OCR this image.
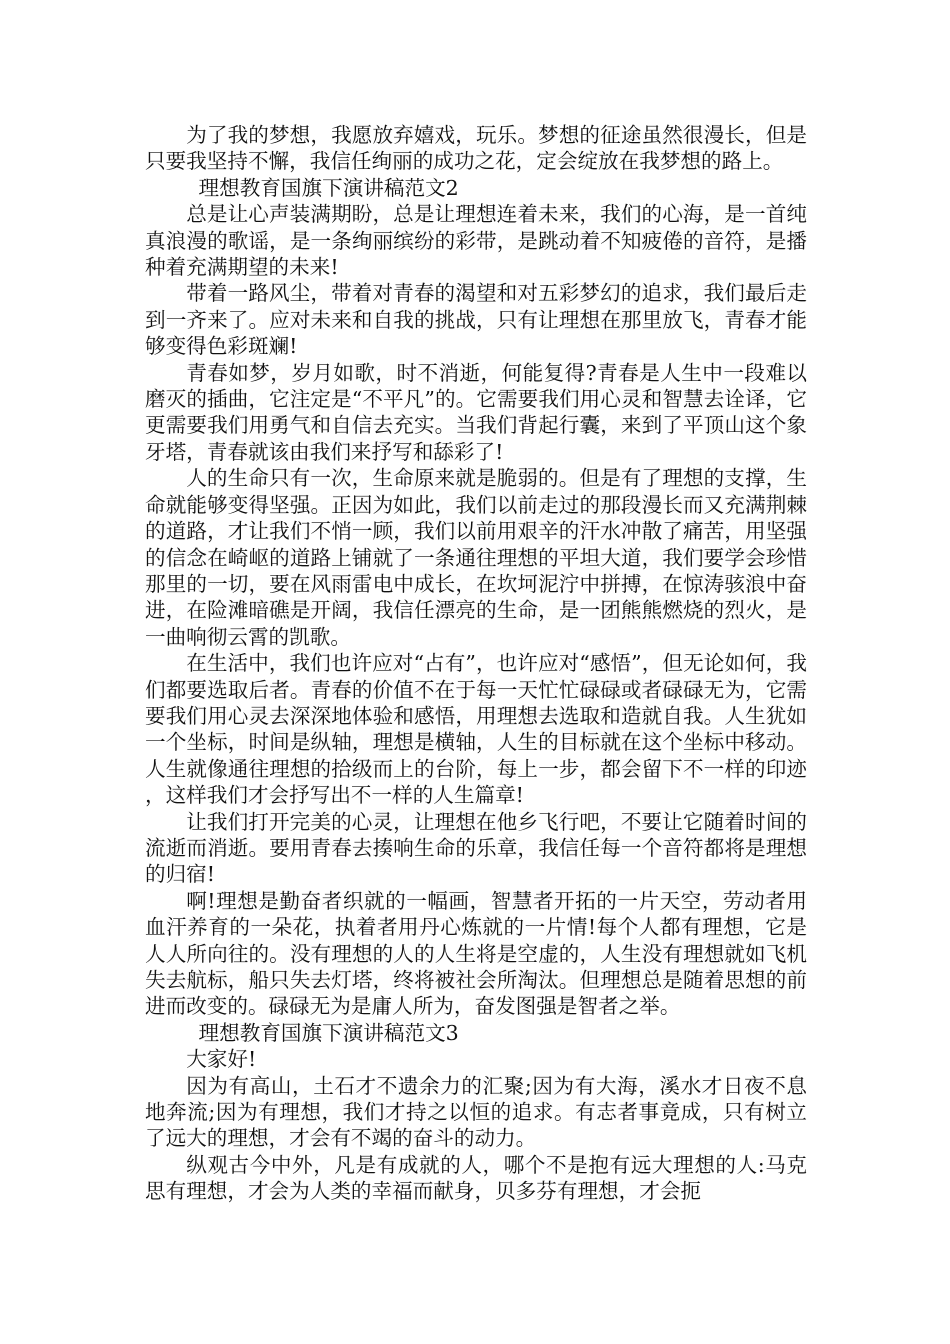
为了我的梦想，我愿放弃嬉戏，玩乐。梦想的征途虽然很漫长，但是只要我坚持不懈，我信任绚丽的成功之花，定会绽放在我梦想的路上。

理想教育国旗下演讲稿范文2

总是让心声装满期盼，总是让理想连着未来，我们的心海，是一首纯真浪漫的歌谣，是一条绚丽缤纷的彩带，是跳动着不知疲倦的音符，是播种着充满期望的未来!

带着一路风尘，带着对青春的渴望和对五彩梦幻的追求，我们最后走到一齐来了。应对未来和自我的挑战，只有让理想在那里放飞，青春才能够变得色彩斑斓!

青春如梦，岁月如歌，时不消逝，何能复得?青春是人生中一段难以磨灭的插曲，它注定是“不平凡”的。它需要我们用心灵和智慧去诠译，它更需要我们用勇气和自信去充实。当我们背起行囊，来到了平顶山这个象牙塔，青春就该由我们来抒写和舔彩了!

人的生命只有一次，生命原来就是脆弱的。但是有了理想的支撑，生命就能够变得坚强。正因为如此，我们以前走过的那段漫长而又充满荆棘的道路，才让我们不悄一顾，我们以前用艰辛的汗水冲散了痛苦，用坚强的信念在崎岖的道路上铺就了一条通往理想的平坦大道，我们要学会珍惜那里的一切，要在风雨雷电中成长，在坎坷泥泞中拼搏，在惊涛骇浪中奋进，在险滩暗礁是开阔，我信任漂亮的生命，是一团熊熊燃烧的烈火，是一曲响彻云霄的凯歌。

在生活中，我们也许应对“占有”，也许应对“感悟”，但无论如何，我们都要选取后者。青春的价值不在于每一天忙忙碌碌或者碌碌无为，它需要我们用心灵去深深地体验和感悟，用理想去选取和造就自我。人生犹如一个坐标，时间是纵轴，理想是横轴，人生的目标就在这个坐标中移动。人生就像通往理想的拾级而上的台阶，每上一步，都会留下不一样的印迹，这样我们才会抒写出不一样的人生篇章!

让我们打开完美的心灵，让理想在他乡飞行吧，不要让它随着时间的流逝而消逝。要用青春去揍响生命的乐章，我信任每一个音符都将是理想的归宿!

啊!理想是勤奋者织就的一幅画，智慧者开拓的一片天空，劳动者用血汗养育的一朵花，执着者用丹心炼就的一片情!每个人都有理想，它是人人所向往的。没有理想的人的人生将是空虚的，人生没有理想就如飞机失去航标，船只失去灯塔，终将被社会所淘汰。但理想总是随着思想的前进而改变的。碌碌无为是庸人所为，奋发图强是智者之举。

理想教育国旗下演讲稿范文3

大家好!

因为有高山，土石才不遗余力的汇聚;因为有大海，溪水才日夜不息地奔流;因为有理想，我们才持之以恒的追求。有志者事竟成，只有树立了远大的理想，才会有不竭的奋斗的动力。

纵观古今中外，凡是有成就的人，哪个不是抱有远大理想的人:马克思有理想，才会为人类的幸福而献身，贝多芬有理想，才会扼
